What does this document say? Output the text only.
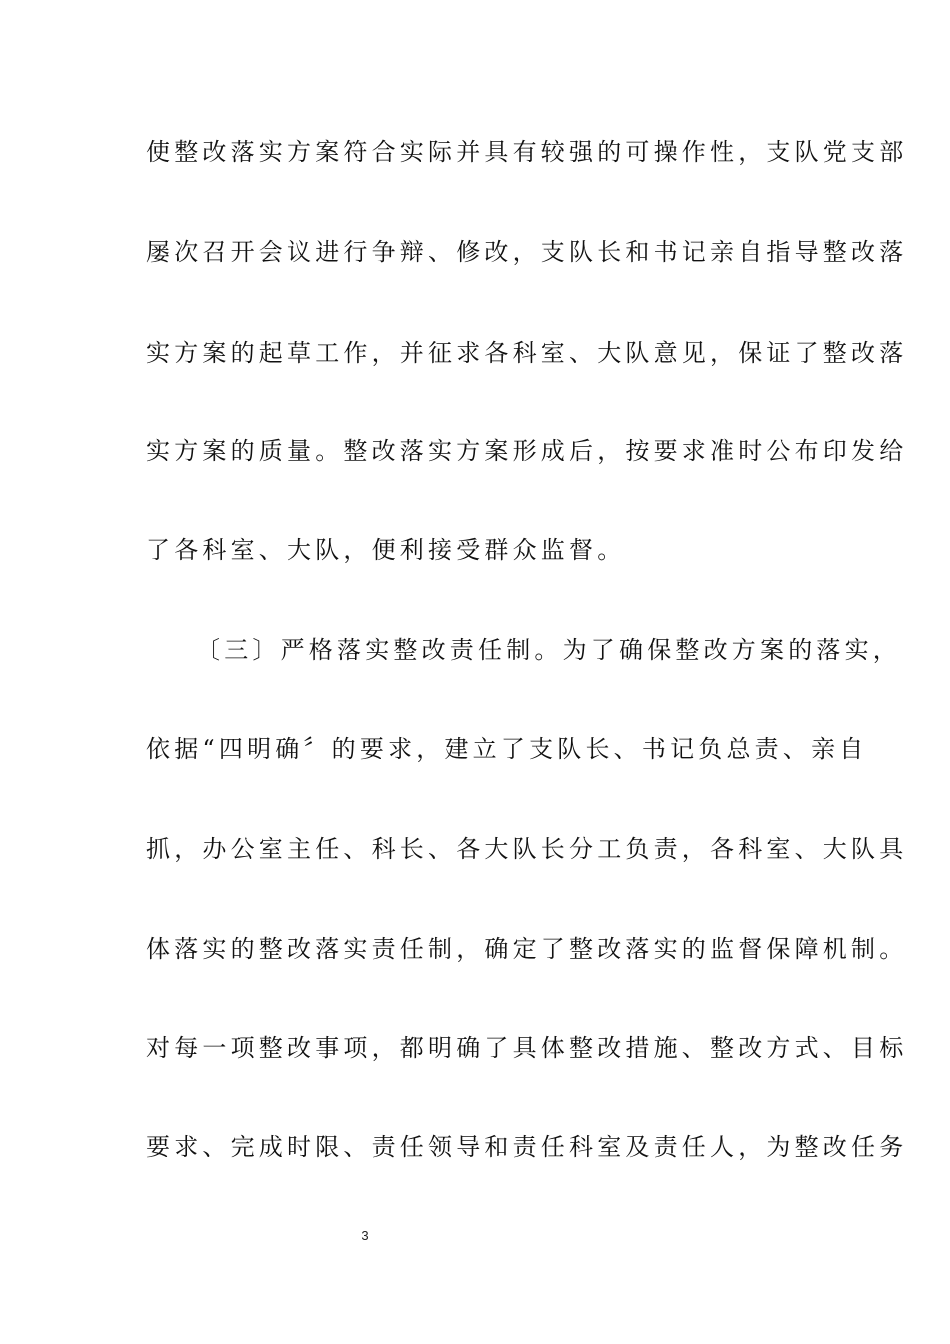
使整改落实方案符合实际并具有较强的可操作性，支队党支部
屡次召开会议进行争辩、修改，支队长和书记亲自指导整改落
实方案的起草工作，并征求各科室、大队意见，保证了整改落
实方案的质量。整改落实方案形成后，按要求准时公布印发给
了各科室、大队，便利接受群众监督。
〔三〕严格落实整改责任制。为了确保整改方案的落实，
依据“四明确〞的要求，建立了支队长、书记负总责、亲自
抓，办公室主任、科长、各大队长分工负责，各科室、大队具
体落实的整改落实责任制，确定了整改落实的监督保障机制。
对每一项整改事项，都明确了具体整改措施、整改方式、目标
要求、完成时限、责任领导和责任科室及责任人，为整改任务
3
